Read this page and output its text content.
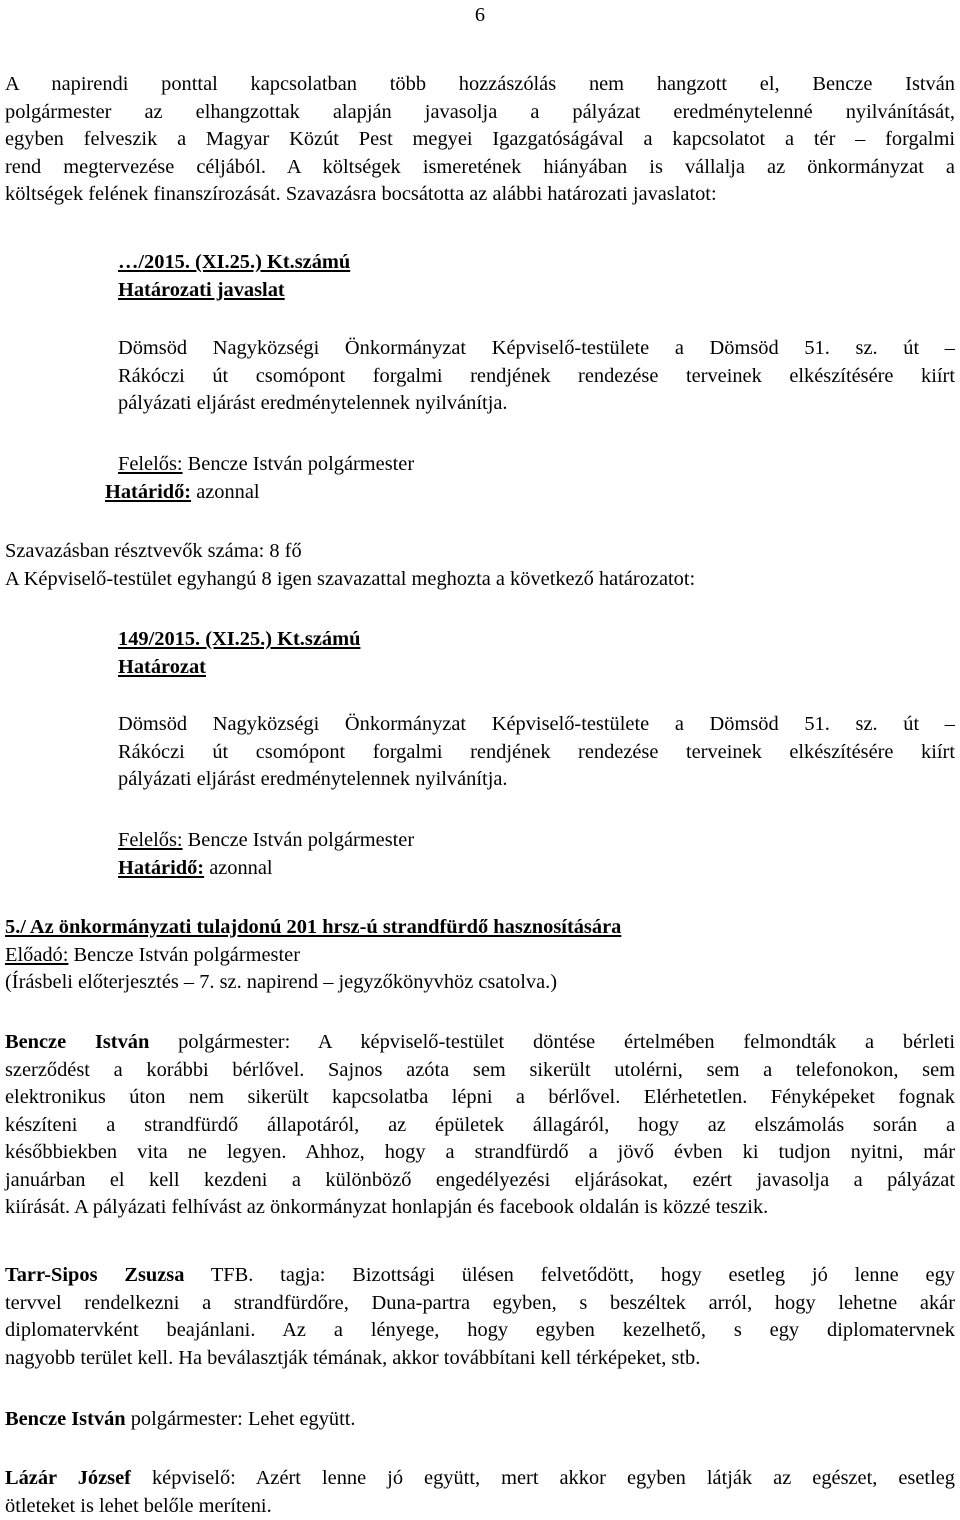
6
A napirendi ponttal kapcsolatban több hozzászólás nem hangzott el, Bencze István
polgármester az elhangzottak alapján javasolja a pályázat eredménytelenné nyilvánítását,
egyben felveszik a Magyar Közút Pest megyei Igazgatóságával a kapcsolatot a tér – forgalmi
rend megtervezése céljából. A költségek ismeretének hiányában is vállalja az önkormányzat a
költségek felének finanszírozását. Szavazásra bocsátotta az alábbi határozati javaslatot:
…/2015. (XI.25.) Kt.számú
Határozati javaslat
Dömsöd Nagyközségi Önkormányzat Képviselő-testülete a Dömsöd 51. sz. út –
Rákóczi út csomópont forgalmi rendjének rendezése terveinek elkészítésére kiírt
pályázati eljárást eredménytelennek nyilvánítja.
Felelős: Bencze István polgármester
Határidő: azonnal
Szavazásban résztvevők száma: 8 fő
A Képviselő-testület egyhangú 8 igen szavazattal meghozta a következő határozatot:
149/2015. (XI.25.) Kt.számú
Határozat
Dömsöd Nagyközségi Önkormányzat Képviselő-testülete a Dömsöd 51. sz. út –
Rákóczi út csomópont forgalmi rendjének rendezése terveinek elkészítésére kiírt
pályázati eljárást eredménytelennek nyilvánítja.
Felelős: Bencze István polgármester
Határidő: azonnal
5./ Az önkormányzati tulajdonú 201 hrsz-ú strandfürdő hasznosítására
Előadó: Bencze István polgármester
(Írásbeli előterjesztés – 7. sz. napirend – jegyzőkönyvhöz csatolva.)
Bencze István polgármester: A képviselő-testület döntése értelmében felmondták a bérleti
szerződést a korábbi bérlővel. Sajnos azóta sem sikerült utolérni, sem a telefonokon, sem
elektronikus úton nem sikerült kapcsolatba lépni a bérlővel. Elérhetetlen. Fényképeket fognak
készíteni a strandfürdő állapotáról, az épületek állagáról, hogy az elszámolás során a
későbbiekben vita ne legyen. Ahhoz, hogy a strandfürdő a jövő évben ki tudjon nyitni, már
januárban el kell kezdeni a különböző engedélyezési eljárásokat, ezért javasolja a pályázat
kiírását. A pályázati felhívást az önkormányzat honlapján és facebook oldalán is közzé teszik.
Tarr-Sipos Zsuzsa TFB. tagja: Bizottsági ülésen felvetődött, hogy esetleg jó lenne egy
tervvel rendelkezni a strandfürdőre, Duna-partra egyben, s beszéltek arról, hogy lehetne akár
diplomatervként beajánlani. Az a lényege, hogy egyben kezelhető, s egy diplomatervnek
nagyobb terület kell. Ha beválasztják témának, akkor továbbítani kell térképeket, stb.
Bencze István polgármester: Lehet együtt.
Lázár József képviselő: Azért lenne jó együtt, mert akkor egyben látják az egészet, esetleg
ötleteket is lehet belőle meríteni.
